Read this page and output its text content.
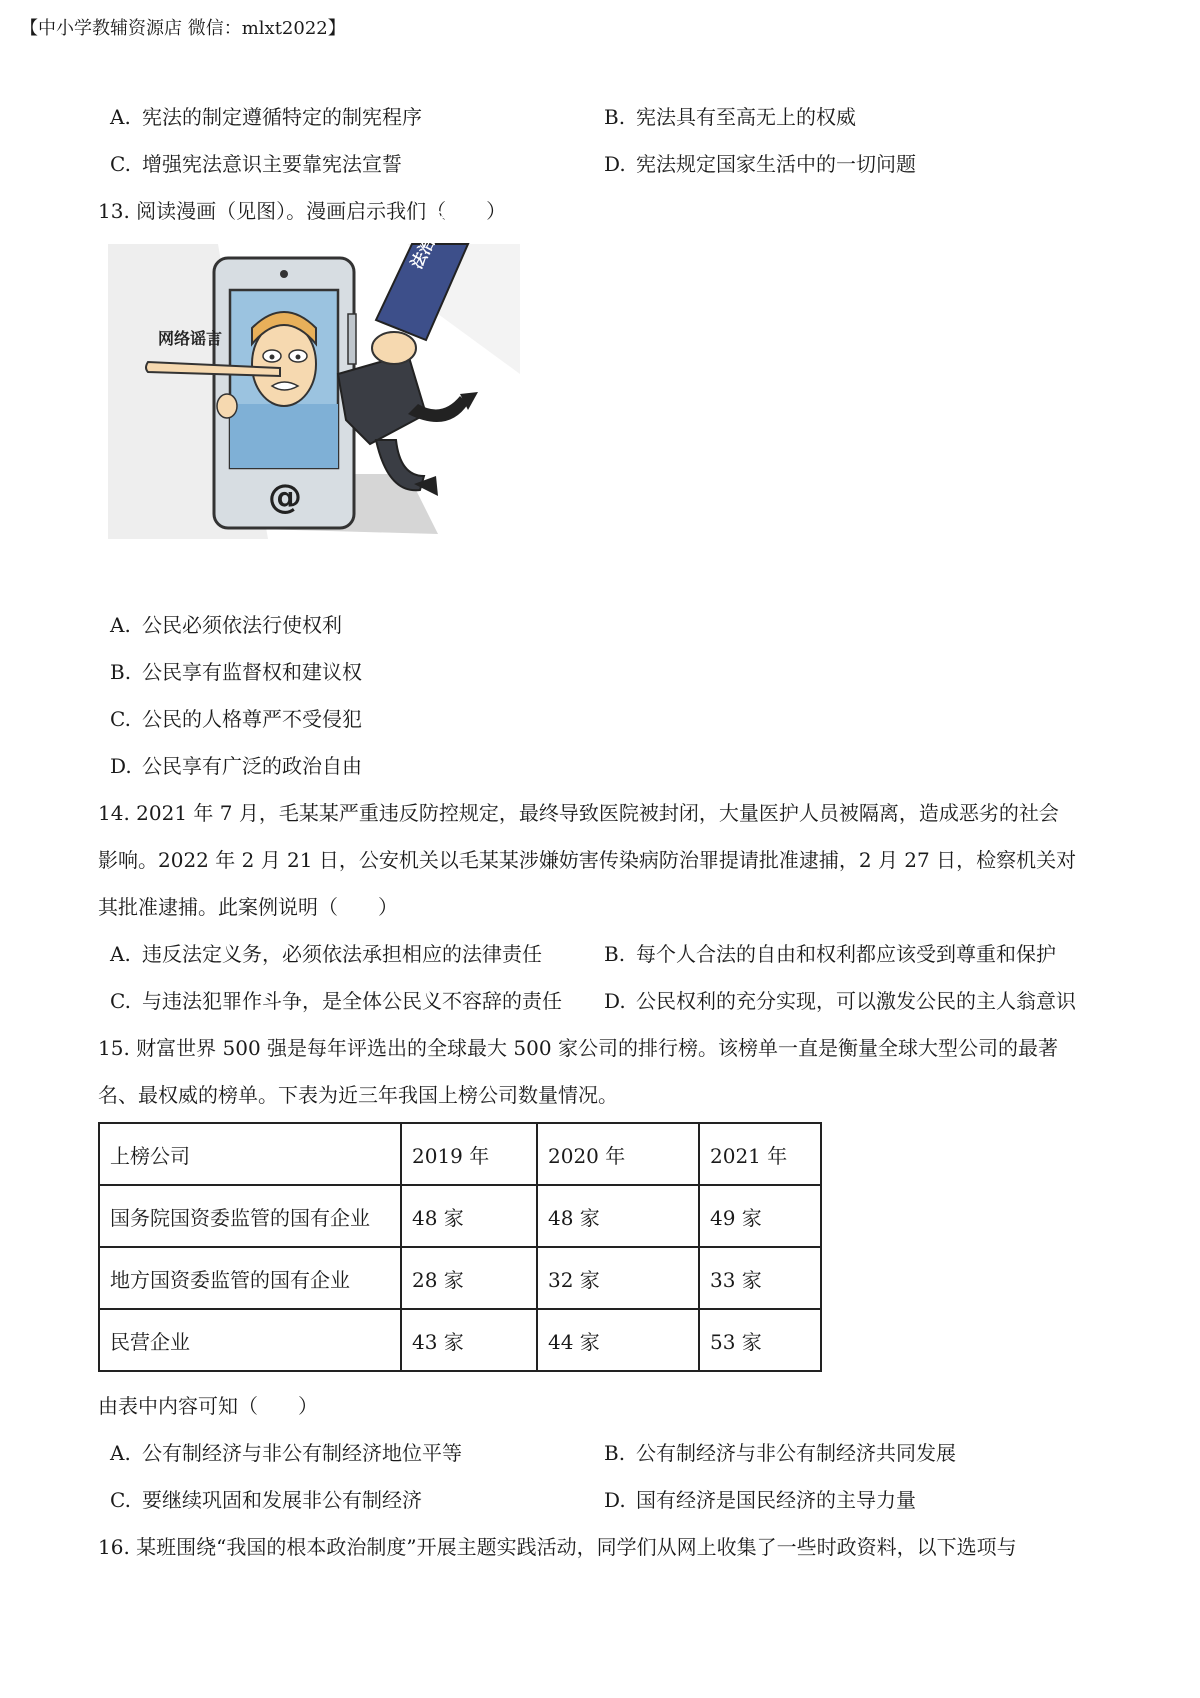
【中小学教辅资源店 微信：mlxt2022】
A. 宪法的制定遵循特定的制宪程序	B. 宪法具有至高无上的权威
C. 增强宪法意识主要靠宪法宣誓	D. 宪法规定国家生活中的一切问题
13. 阅读漫画（见图）。漫画启示我们（　　）
法治手段
网络谣言
@
A. 公民必须依法行使权利
B. 公民享有监督权和建议权
C. 公民的人格尊严不受侵犯
D. 公民享有广泛的政治自由
14. 2021 年 7 月，毛某某严重违反防控规定，最终导致医院被封闭，大量医护人员被隔离，造成恶劣的社会
影响。2022 年 2 月 21 日，公安机关以毛某某涉嫌妨害传染病防治罪提请批准逮捕，2 月 27 日，检察机关对
其批准逮捕。此案例说明（　　）
A. 违反法定义务，必须依法承担相应的法律责任	B. 每个人合法的自由和权利都应该受到尊重和保护
C. 与违法犯罪作斗争，是全体公民义不容辞的责任 D. 公民权利的充分实现，可以激发公民的主人翁意识
15. 财富世界 500 强是每年评选出的全球最大 500 家公司的排行榜。该榜单一直是衡量全球大型公司的最著
名、最权威的榜单。下表为近三年我国上榜公司数量情况。
上榜公司	2019 年	2020 年	2021 年
国务院国资委监管的国有企业	48 家	48 家	49 家
地方国资委监管的国有企业	28 家	32 家	33 家
民营企业	43 家	44 家	53 家
由表中内容可知（　　）
A. 公有制经济与非公有制经济地位平等	B. 公有制经济与非公有制经济共同发展
C. 要继续巩固和发展非公有制经济	D. 国有经济是国民经济的主导力量
16. 某班围绕“我国的根本政治制度”开展主题实践活动，同学们从网上收集了一些时政资料，以下选项与
